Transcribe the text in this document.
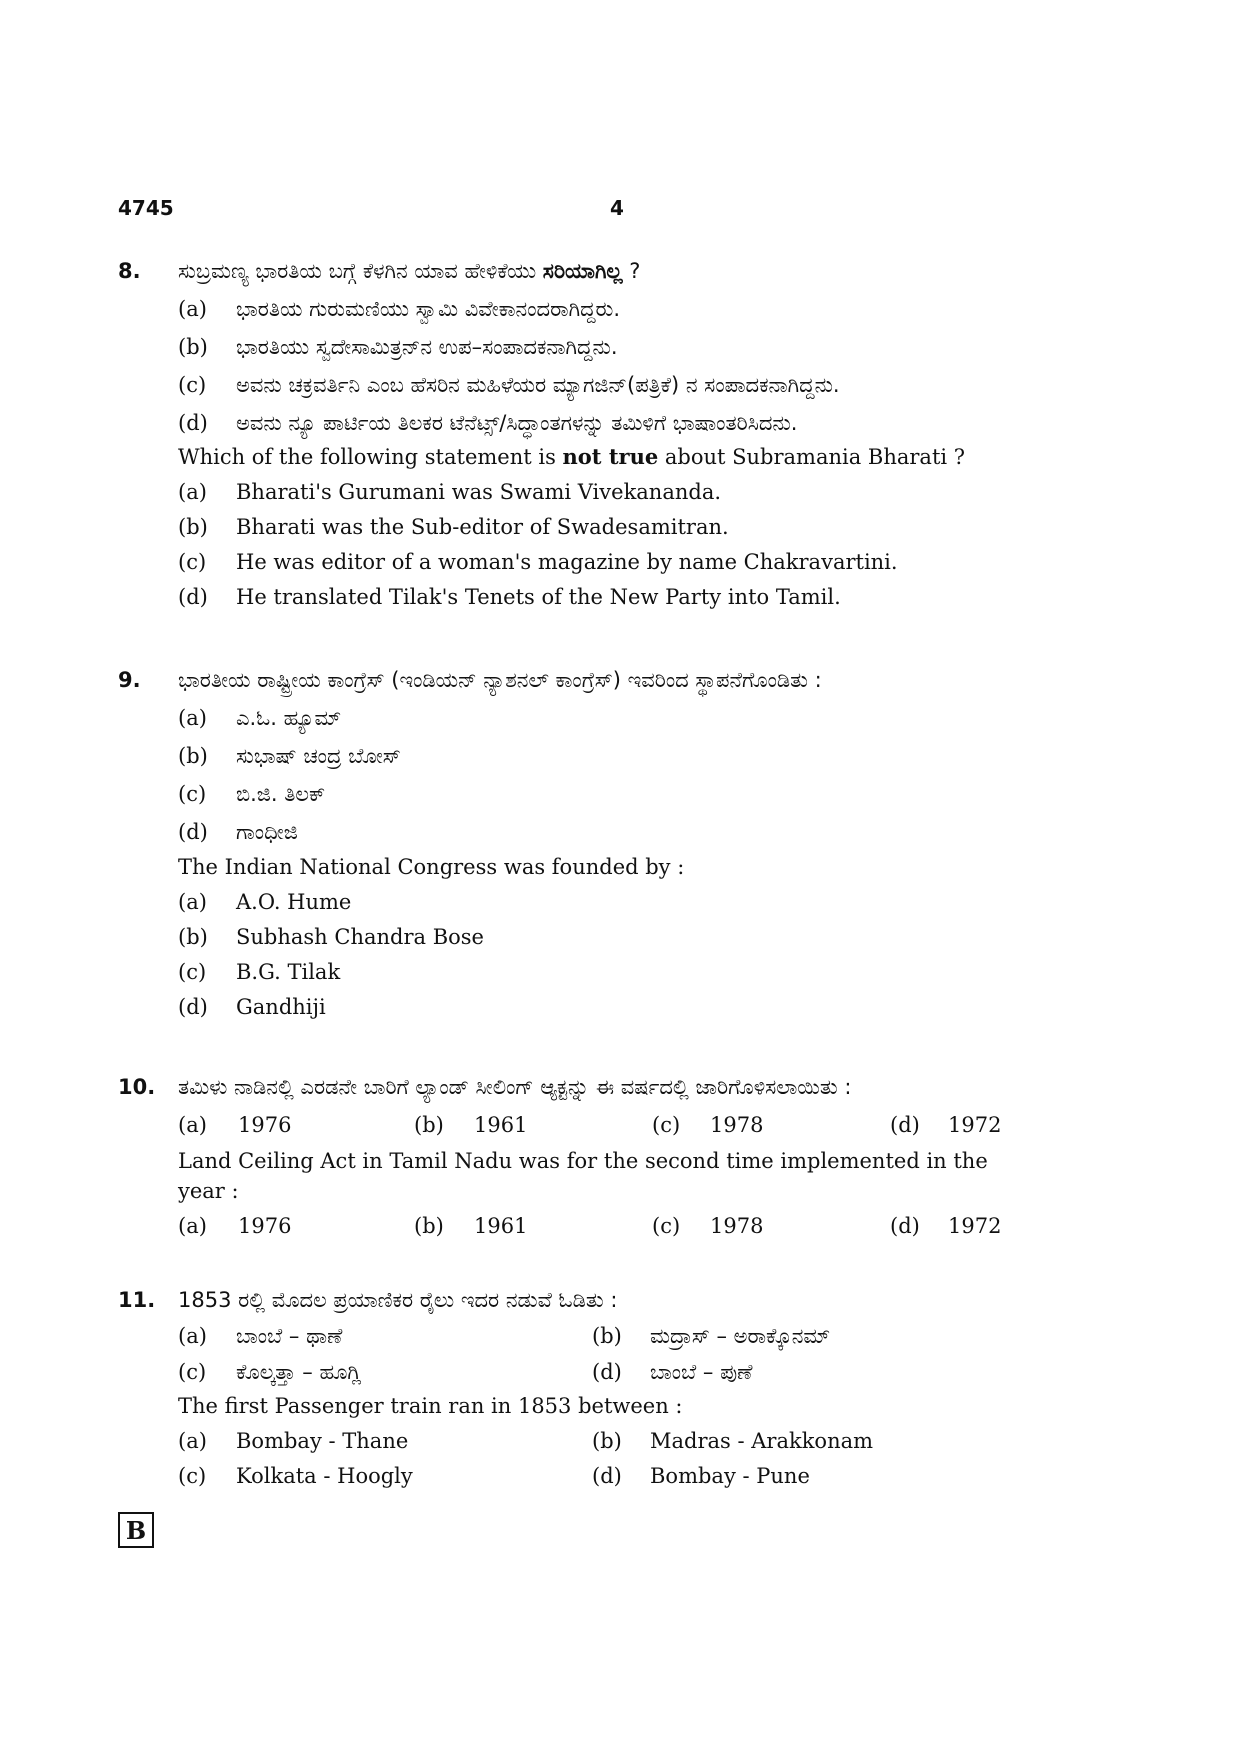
4745	4
8. ಸುಬ್ರಮಣ್ಯ ಭಾರತಿಯ ಬಗ್ಗೆ ಕೆಳಗಿನ ಯಾವ ಹೇಳಿಕೆಯು ಸರಿಯಾಗಿಲ್ಲ ?
(a) ಭಾರತಿಯ ಗುರುಮಣಿಯು ಸ್ವಾಮಿ ವಿವೇಕಾನಂದರಾಗಿದ್ದರು.
(b) ಭಾರತಿಯು ಸ್ವದೇಸಾಮಿತ್ರನ್‌ನ ಉಪ–ಸಂಪಾದಕನಾಗಿದ್ದನು.
(c) ಅವನು ಚಕ್ರವರ್ತಿನಿ ಎಂಬ ಹೆಸರಿನ ಮಹಿಳೆಯರ ಮ್ಯಾಗಜಿನ್(ಪತ್ರಿಕೆ) ನ ಸಂಪಾದಕನಾಗಿದ್ದನು.
(d) ಅವನು ನ್ಯೂ ಪಾರ್ಟಿಯ ತಿಲಕರ ಟೆನೆಟ್ಸ್/ಸಿದ್ಧಾಂತಗಳನ್ನು ತಮಿಳಿಗೆ ಭಾಷಾಂತರಿಸಿದನು.
Which of the following statement is not true about Subramania Bharati ?
(a) Bharati's Gurumani was Swami Vivekananda.
(b) Bharati was the Sub-editor of Swadesamitran.
(c) He was editor of a woman's magazine by name Chakravartini.
(d) He translated Tilak's Tenets of the New Party into Tamil.
9. ಭಾರತೀಯ ರಾಷ್ಟ್ರೀಯ ಕಾಂಗ್ರೆಸ್ (ಇಂಡಿಯನ್ ನ್ಯಾಶನಲ್ ಕಾಂಗ್ರೆಸ್) ಇವರಿಂದ ಸ್ಥಾಪನೆಗೊಂಡಿತು :
(a) ಎ.ಓ. ಹ್ಯೂಮ್
(b) ಸುಭಾಷ್ ಚಂದ್ರ ಬೋಸ್
(c) ಬಿ.ಜಿ. ತಿಲಕ್
(d) ಗಾಂಧೀಜಿ
The Indian National Congress was founded by :
(a) A.O. Hume
(b) Subhash Chandra Bose
(c) B.G. Tilak
(d) Gandhiji
10. ತಮಿಳು ನಾಡಿನಲ್ಲಿ ಎರಡನೇ ಬಾರಿಗೆ ಲ್ಯಾಂಡ್ ಸೀಲಿಂಗ್ ಆ್ಯಕ್ಟನ್ನು ಈ ವರ್ಷದಲ್ಲಿ ಜಾರಿಗೊಳಿಸಲಾಯಿತು :
(a) 1976	(b) 1961	(c) 1978	(d) 1972
Land Ceiling Act in Tamil Nadu was for the second time implemented in the
year :
(a) 1976	(b) 1961	(c) 1978	(d) 1972
11. 1853 ರಲ್ಲಿ ಮೊದಲ ಪ್ರಯಾಣಿಕರ ರೈಲು ಇದರ ನಡುವೆ ಓಡಿತು :
(a) ಬಾಂಬೆ – ಥಾಣೆ	(b) ಮದ್ರಾಸ್ – ಅರಾಕ್ಕೊನಮ್
(c) ಕೊಲ್ಕತ್ತಾ – ಹೂಗ್ಲಿ	(d) ಬಾಂಬೆ – ಪುಣೆ
The first Passenger train ran in 1853 between :
(a) Bombay - Thane	(b) Madras - Arakkonam
(c) Kolkata - Hoogly	(d) Bombay - Pune
B
